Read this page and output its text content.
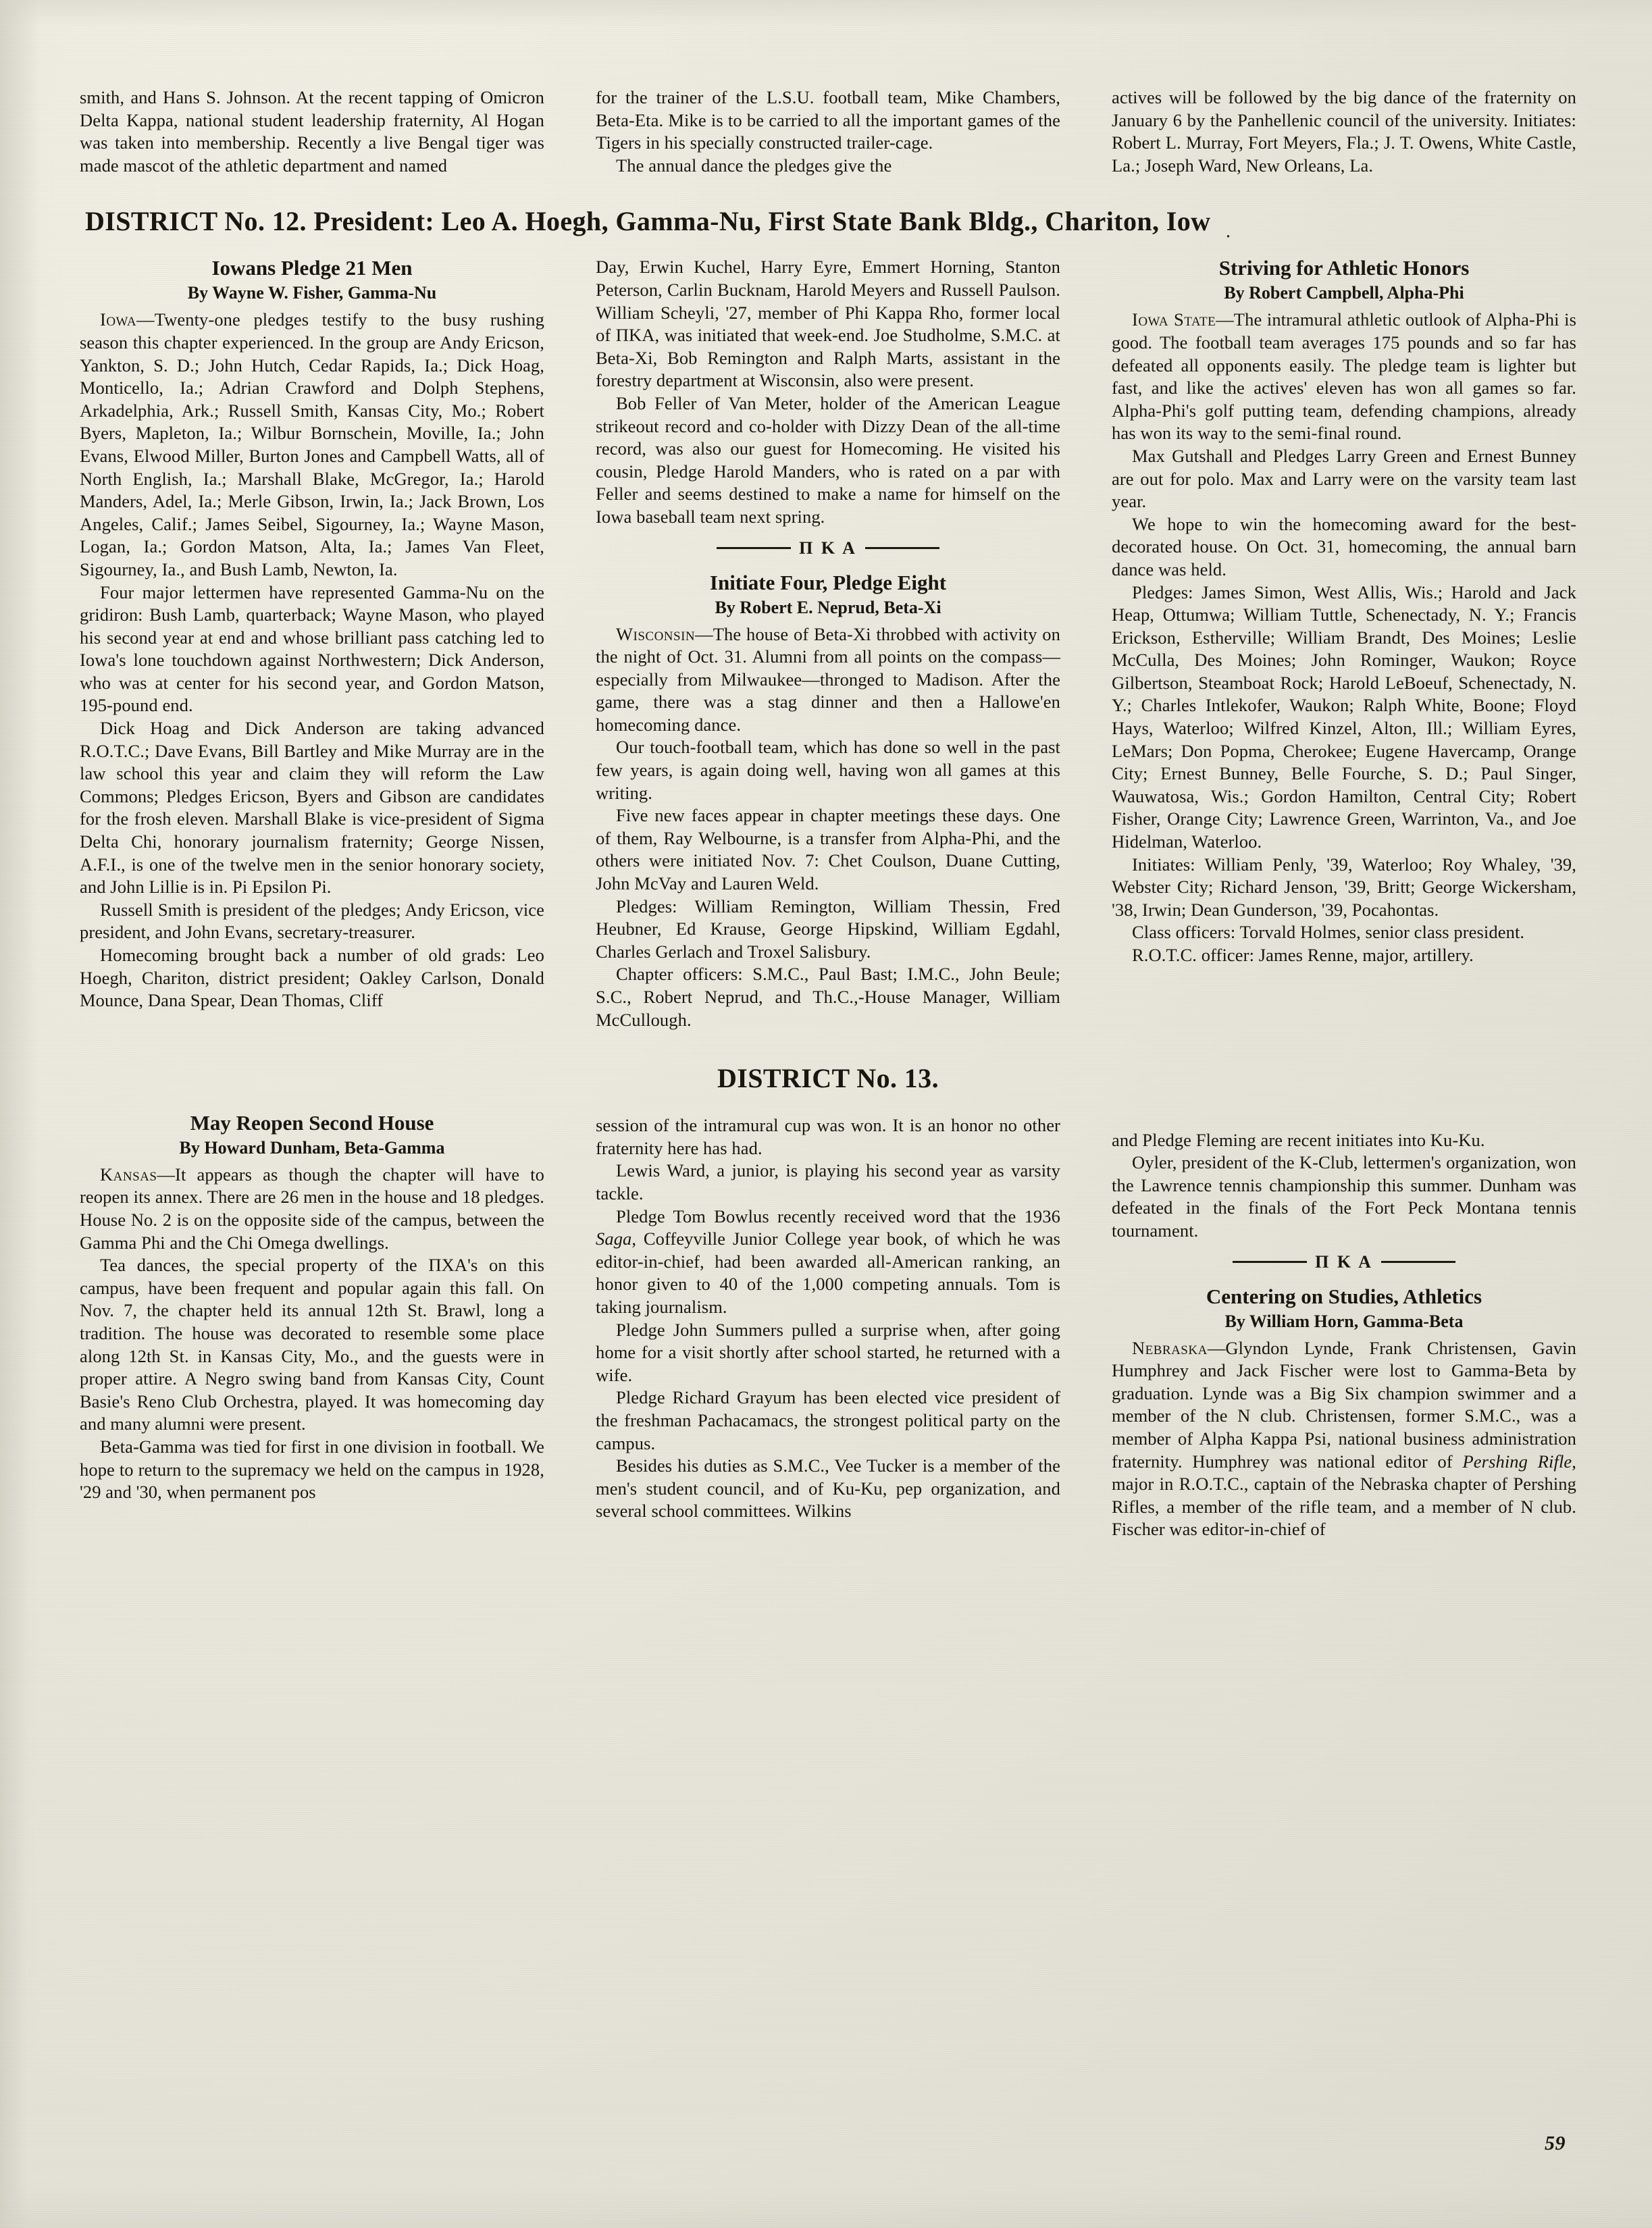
smith, and Hans S. Johnson. At the recent tapping of Omicron Delta Kappa, national student leadership fraternity, Al Hogan was taken into membership. Recently a live Bengal tiger was made mascot of the athletic department and named

for the trainer of the L.S.U. football team, Mike Chambers, Beta-Eta. Mike is to be carried to all the important games of the Tigers in his specially constructed trailer-cage.

The annual dance the pledges give the

actives will be followed by the big dance of the fraternity on January 6 by the Panhellenic council of the university. Initiates: Robert L. Murray, Fort Meyers, Fla.; J. T. Owens, White Castle, La.; Joseph Ward, New Orleans, La.

DISTRICT No. 12. President: Leo A. Hoegh, Gamma-Nu, First State Bank Bldg., Chariton, Iow ̣
Iowans Pledge 21 Men
By Wayne W. Fisher, Gamma-Nu

Iowa—Twenty-one pledges testify to the busy rushing season this chapter experienced. In the group are Andy Ericson, Yankton, S. D.; John Hutch, Cedar Rapids, Ia.; Dick Hoag, Monticello, Ia.; Adrian Crawford and Dolph Stephens, Arkadelphia, Ark.; Russell Smith, Kansas City, Mo.; Robert Byers, Mapleton, Ia.; Wilbur Bornschein, Moville, Ia.; John Evans, Elwood Miller, Burton Jones and Campbell Watts, all of North English, Ia.; Marshall Blake, McGregor, Ia.; Harold Manders, Adel, Ia.; Merle Gibson, Irwin, Ia.; Jack Brown, Los Angeles, Calif.; James Seibel, Sigourney, Ia.; Wayne Mason, Logan, Ia.; Gordon Matson, Alta, Ia.; James Van Fleet, Sigourney, Ia., and Bush Lamb, Newton, Ia.

Four major lettermen have represented Gamma-Nu on the gridiron: Bush Lamb, quarterback; Wayne Mason, who played his second year at end and whose brilliant pass catching led to Iowa's lone touchdown against Northwestern; Dick Anderson, who was at center for his second year, and Gordon Matson, 195-pound end.

Dick Hoag and Dick Anderson are taking advanced R.O.T.C.; Dave Evans, Bill Bartley and Mike Murray are in the law school this year and claim they will reform the Law Commons; Pledges Ericson, Byers and Gibson are candidates for the frosh eleven. Marshall Blake is vice-president of Sigma Delta Chi, honorary journalism fraternity; George Nissen, A.F.I., is one of the twelve men in the senior honorary society, and John Lillie is in. Pi Epsilon Pi.

Russell Smith is president of the pledges; Andy Ericson, vice president, and John Evans, secretary-treasurer.

Homecoming brought back a number of old grads: Leo Hoegh, Chariton, district president; Oakley Carlson, Donald Mounce, Dana Spear, Dean Thomas, Cliff

May Reopen Second House
By Howard Dunham, Beta-Gamma

Kansas—It appears as though the chapter will have to reopen its annex. There are 26 men in the house and 18 pledges. House No. 2 is on the opposite side of the campus, between the Gamma Phi and the Chi Omega dwellings.

Tea dances, the special property of the ΠΧΑ's on this campus, have been frequent and popular again this fall. On Nov. 7, the chapter held its annual 12th St. Brawl, long a tradition. The house was decorated to resemble some place along 12th St. in Kansas City, Mo., and the guests were in proper attire. A Negro swing band from Kansas City, Count Basie's Reno Club Orchestra, played. It was homecoming day and many alumni were present.

Beta-Gamma was tied for first in one division in football. We hope to return to the supremacy we held on the campus in 1928, '29 and '30, when permanent pos

Day, Erwin Kuchel, Harry Eyre, Emmert Horning, Stanton Peterson, Carlin Bucknam, Harold Meyers and Russell Paulson. William Scheyli, '27, member of Phi Kappa Rho, former local of ΠΚΑ, was initiated that week-end. Joe Studholme, S.M.C. at Beta-Xi, Bob Remington and Ralph Marts, assistant in the forestry department at Wisconsin, also were present.

Bob Feller of Van Meter, holder of the American League strikeout record and co-holder with Dizzy Dean of the all-time record, was also our guest for Homecoming. He visited his cousin, Pledge Harold Manders, who is rated on a par with Feller and seems destined to make a name for himself on the Iowa baseball team next spring.

Π Κ Α
Initiate Four, Pledge Eight
By Robert E. Neprud, Beta-Xi

Wisconsin—The house of Beta-Xi throbbed with activity on the night of Oct. 31. Alumni from all points on the compass—especially from Milwaukee—thronged to Madison. After the game, there was a stag dinner and then a Hallowe'en homecoming dance.

Our touch-football team, which has done so well in the past few years, is again doing well, having won all games at this writing.

Five new faces appear in chapter meetings these days. One of them, Ray Welbourne, is a transfer from Alpha-Phi, and the others were initiated Nov. 7: Chet Coulson, Duane Cutting, John McVay and Lauren Weld.

Pledges: William Remington, William Thessin, Fred Heubner, Ed Krause, George Hipskind, William Egdahl, Charles Gerlach and Troxel Salisbury.

Chapter officers: S.M.C., Paul Bast; I.M.C., John Beule; S.C., Robert Neprud, and Th.C.,-House Manager, William McCullough.

DISTRICT No. 13.

session of the intramural cup was won. It is an honor no other fraternity here has had.

Lewis Ward, a junior, is playing his second year as varsity tackle.

Pledge Tom Bowlus recently received word that the 1936 Saga, Coffeyville Junior College year book, of which he was editor-in-chief, had been awarded all-American ranking, an honor given to 40 of the 1,000 competing annuals. Tom is taking journalism.

Pledge John Summers pulled a surprise when, after going home for a visit shortly after school started, he returned with a wife.

Pledge Richard Grayum has been elected vice president of the freshman Pachacamacs, the strongest political party on the campus.

Besides his duties as S.M.C., Vee Tucker is a member of the men's student council, and of Ku-Ku, pep organization, and several school committees. Wilkins

Striving for Athletic Honors
By Robert Campbell, Alpha-Phi

Iowa State—The intramural athletic outlook of Alpha-Phi is good. The football team averages 175 pounds and so far has defeated all opponents easily. The pledge team is lighter but fast, and like the actives' eleven has won all games so far. Alpha-Phi's golf putting team, defending champions, already has won its way to the semi-final round.

Max Gutshall and Pledges Larry Green and Ernest Bunney are out for polo. Max and Larry were on the varsity team last year.

We hope to win the homecoming award for the best-decorated house. On Oct. 31, homecoming, the annual barn dance was held.

Pledges: James Simon, West Allis, Wis.; Harold and Jack Heap, Ottumwa; William Tuttle, Schenectady, N. Y.; Francis Erickson, Estherville; William Brandt, Des Moines; Leslie McCulla, Des Moines; John Rominger, Waukon; Royce Gilbertson, Steamboat Rock; Harold LeBoeuf, Schenectady, N. Y.; Charles Intlekofer, Waukon; Ralph White, Boone; Floyd Hays, Waterloo; Wilfred Kinzel, Alton, Ill.; William Eyres, LeMars; Don Popma, Cherokee; Eugene Havercamp, Orange City; Ernest Bunney, Belle Fourche, S. D.; Paul Singer, Wauwatosa, Wis.; Gordon Hamilton, Central City; Robert Fisher, Orange City; Lawrence Green, Warrinton, Va., and Joe Hidelman, Waterloo.

Initiates: William Penly, '39, Waterloo; Roy Whaley, '39, Webster City; Richard Jenson, '39, Britt; George Wickersham, '38, Irwin; Dean Gunderson, '39, Pocahontas.

Class officers: Torvald Holmes, senior class president.

R.O.T.C. officer: James Renne, major, artillery.

and Pledge Fleming are recent initiates into Ku-Ku.

Oyler, president of the K-Club, lettermen's organization, won the Lawrence tennis championship this summer. Dunham was defeated in the finals of the Fort Peck Montana tennis tournament.

Π Κ Α
Centering on Studies, Athletics
By William Horn, Gamma-Beta

Nebraska—Glyndon Lynde, Frank Christensen, Gavin Humphrey and Jack Fischer were lost to Gamma-Beta by graduation. Lynde was a Big Six champion swimmer and a member of the N club. Christensen, former S.M.C., was a member of Alpha Kappa Psi, national business administration fraternity. Humphrey was national editor of Pershing Rifle, major in R.O.T.C., captain of the Nebraska chapter of Pershing Rifles, a member of the rifle team, and a member of N club. Fischer was editor-in-chief of

59
